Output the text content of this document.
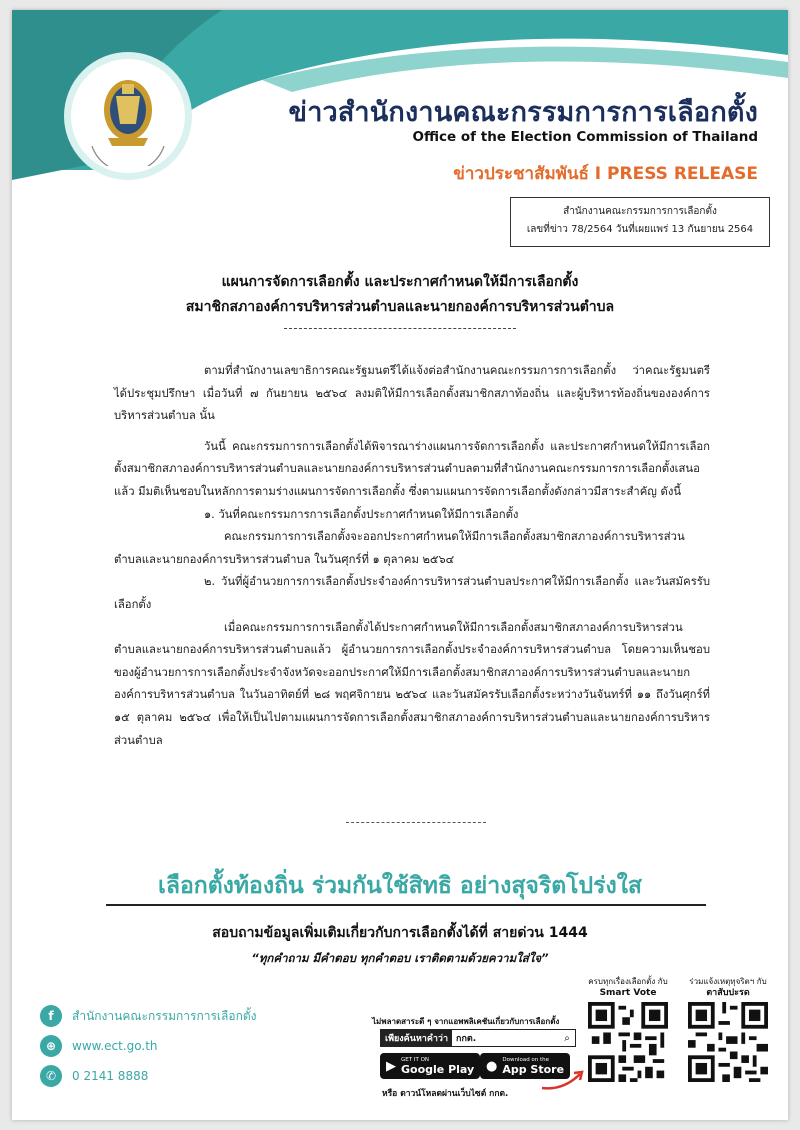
ข่าวสำนักงานคณะกรรมการการเลือกตั้ง
Office of the Election Commission of Thailand
ข่าวประชาสัมพันธ์ I PRESS RELEASE
สำนักงานคณะกรรมการการเลือกตั้ง
เลขที่ข่าว 78/2564 วันที่เผยแพร่ 13 กันยายน 2564
แผนการจัดการเลือกตั้ง และประกาศกำหนดให้มีการเลือกตั้ง
สมาชิกสภาองค์การบริหารส่วนตำบลและนายกองค์การบริหารส่วนตำบล

ตามที่สำนักงานเลขาธิการคณะรัฐมนตรีได้แจ้งต่อสำนักงานคณะกรรมการการเลือกตั้ง ว่าคณะรัฐมนตรีได้ประชุมปรึกษา เมื่อวันที่ ๗ กันยายน ๒๕๖๔ ลงมติให้มีการเลือกตั้งสมาชิกสภาท้องถิ่น และผู้บริหารท้องถิ่นขององค์การบริหารส่วนตำบล นั้น

วันนี้ คณะกรรมการการเลือกตั้งได้พิจารณาร่างแผนการจัดการเลือกตั้ง และประกาศกำหนดให้มีการเลือกตั้งสมาชิกสภาองค์การบริหารส่วนตำบลและนายกองค์การบริหารส่วนตำบลตามที่สำนักงานคณะกรรมการการเลือกตั้งเสนอแล้ว มีมติเห็นชอบในหลักการตามร่างแผนการจัดการเลือกตั้ง ซึ่งตามแผนการจัดการเลือกตั้งดังกล่าวมีสาระสำคัญ ดังนี้

๑. วันที่คณะกรรมการการเลือกตั้งประกาศกำหนดให้มีการเลือกตั้ง

คณะกรรมการการเลือกตั้งจะออกประกาศกำหนดให้มีการเลือกตั้งสมาชิกสภาองค์การบริหารส่วนตำบลและนายกองค์การบริหารส่วนตำบล ในวันศุกร์ที่ ๑ ตุลาคม ๒๕๖๔

๒. วันที่ผู้อำนวยการการเลือกตั้งประจำองค์การบริหารส่วนตำบลประกาศให้มีการเลือกตั้ง และวันสมัครรับเลือกตั้ง

เมื่อคณะกรรมการการเลือกตั้งได้ประกาศกำหนดให้มีการเลือกตั้งสมาชิกสภาองค์การบริหารส่วนตำบลและนายกองค์การบริหารส่วนตำบลแล้ว ผู้อำนวยการการเลือกตั้งประจำองค์การบริหารส่วนตำบล โดยความเห็นชอบของผู้อำนวยการการเลือกตั้งประจำจังหวัดจะออกประกาศให้มีการเลือกตั้งสมาชิกสภาองค์การบริหารส่วนตำบลและนายกองค์การบริหารส่วนตำบล ในวันอาทิตย์ที่ ๒๘ พฤศจิกายน ๒๕๖๔ และวันสมัครรับเลือกตั้งระหว่างวันจันทร์ที่ ๑๑ ถึงวันศุกร์ที่ ๑๕ ตุลาคม ๒๕๖๔ เพื่อให้เป็นไปตามแผนการจัดการเลือกตั้งสมาชิกสภาองค์การบริหารส่วนตำบลและนายกองค์การบริหารส่วนตำบล

เลือกตั้งท้องถิ่น ร่วมกันใช้สิทธิ อย่างสุจริตโปร่งใส
สอบถามข้อมูลเพิ่มเติมเกี่ยวกับการเลือกตั้งได้ที่ สายด่วน 1444
“ทุกคำถาม มีคำตอบ ทุกคำตอบ เราติดตามด้วยความใส่ใจ”
f	สำนักงานคณะกรรมการการเลือกตั้ง
⊕	www.ect.go.th
✆	0 2141 8888
ไม่พลาดสาระดี ๆ จากแอพพลิเคชันเกี่ยวกับการเลือกตั้ง
เพียงค้นหาคำว่า กกต.	⌕
▶ GET IT ON
Google Play ● Download on the
App Store
หรือ ดาวน์โหลดผ่านเว็บไซต์ กกต.
ครบทุกเรื่องเลือกตั้ง กับ
Smart Vote
ร่วมแจ้งเหตุทุจริตฯ กับ
ตาสับปะรด
